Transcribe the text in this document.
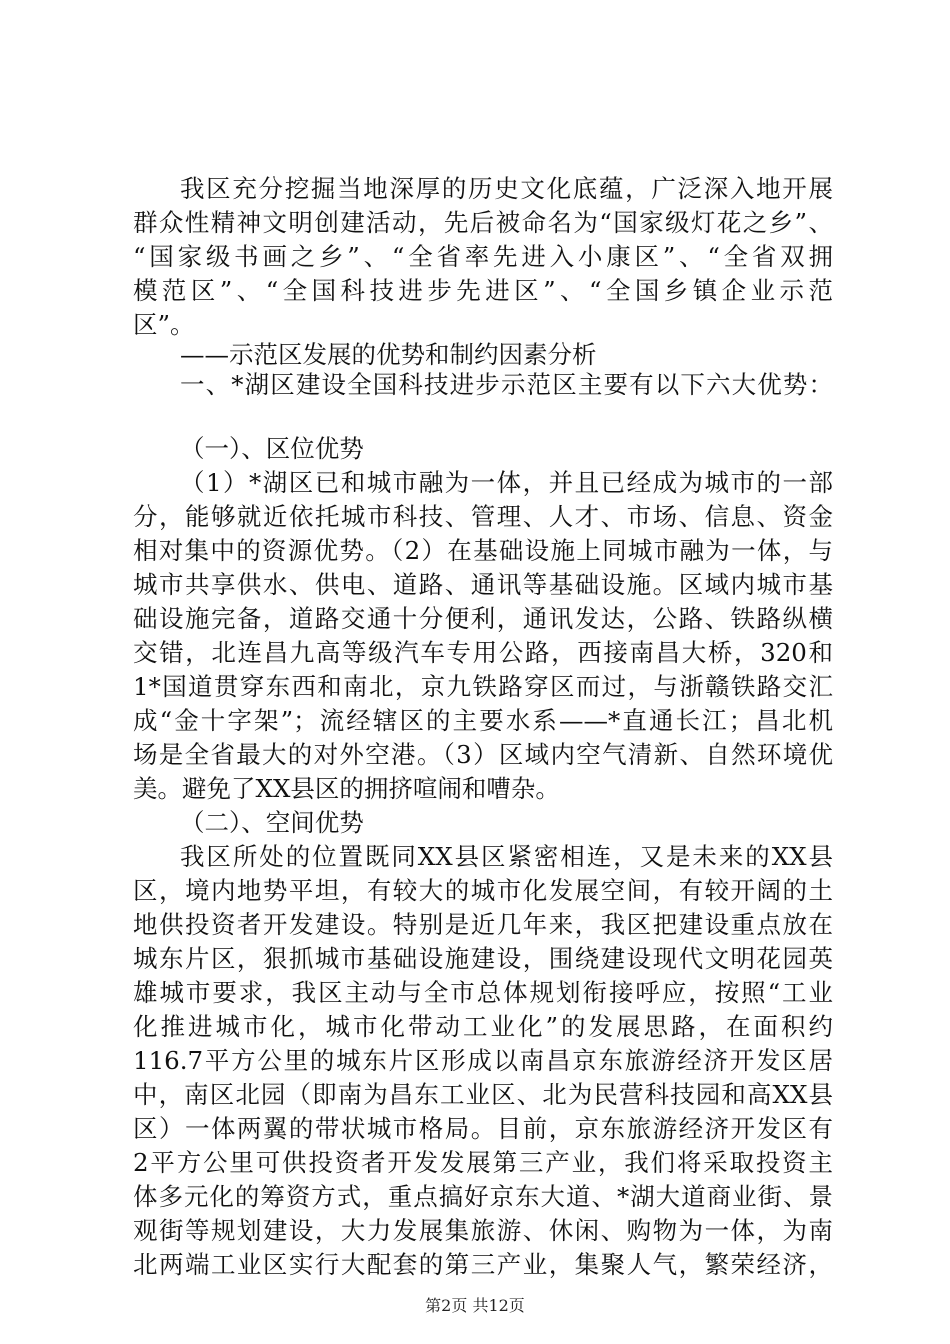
我区充分挖掘当地深厚的历史文化底蕴，广泛深入地开展
群众性精神文明创建活动，先后被命名为“国家级灯花之乡”、
“国家级书画之乡”、“全省率先进入小康区”、“全省双拥
模范区”、“全国科技进步先进区”、“全国乡镇企业示范
区”。
——示范区发展的优势和制约因素分析
一、*湖区建设全国科技进步示范区主要有以下六大优势：
（一）、区位优势
（1）*湖区已和城市融为一体，并且已经成为城市的一部
分，能够就近依托城市科技、管理、人才、市场、信息、资金
相对集中的资源优势。（2）在基础设施上同城市融为一体，与
城市共享供水、供电、道路、通讯等基础设施。区域内城市基
础设施完备，道路交通十分便利，通讯发达，公路、铁路纵横
交错，北连昌九高等级汽车专用公路，西接南昌大桥，320和
1*国道贯穿东西和南北，京九铁路穿区而过，与浙赣铁路交汇
成“金十字架”；流经辖区的主要水系——*直通长江；昌北机
场是全省最大的对外空港。（3）区域内空气清新、自然环境优
美。避免了XX县区的拥挤喧闹和嘈杂。
（二）、空间优势
我区所处的位置既同XX县区紧密相连，又是未来的XX县
区，境内地势平坦，有较大的城市化发展空间，有较开阔的土
地供投资者开发建设。特别是近几年来，我区把建设重点放在
城东片区，狠抓城市基础设施建设，围绕建设现代文明花园英
雄城市要求，我区主动与全市总体规划衔接呼应，按照“工业
化推进城市化，城市化带动工业化”的发展思路，在面积约
116.7平方公里的城东片区形成以南昌京东旅游经济开发区居
中，南区北园（即南为昌东工业区、北为民营科技园和高XX县
区）一体两翼的带状城市格局。目前，京东旅游经济开发区有
2平方公里可供投资者开发发展第三产业，我们将采取投资主
体多元化的筹资方式，重点搞好京东大道、*湖大道商业街、景
观街等规划建设，大力发展集旅游、休闲、购物为一体，为南
北两端工业区实行大配套的第三产业，集聚人气，繁荣经济，
第2页 共12页
